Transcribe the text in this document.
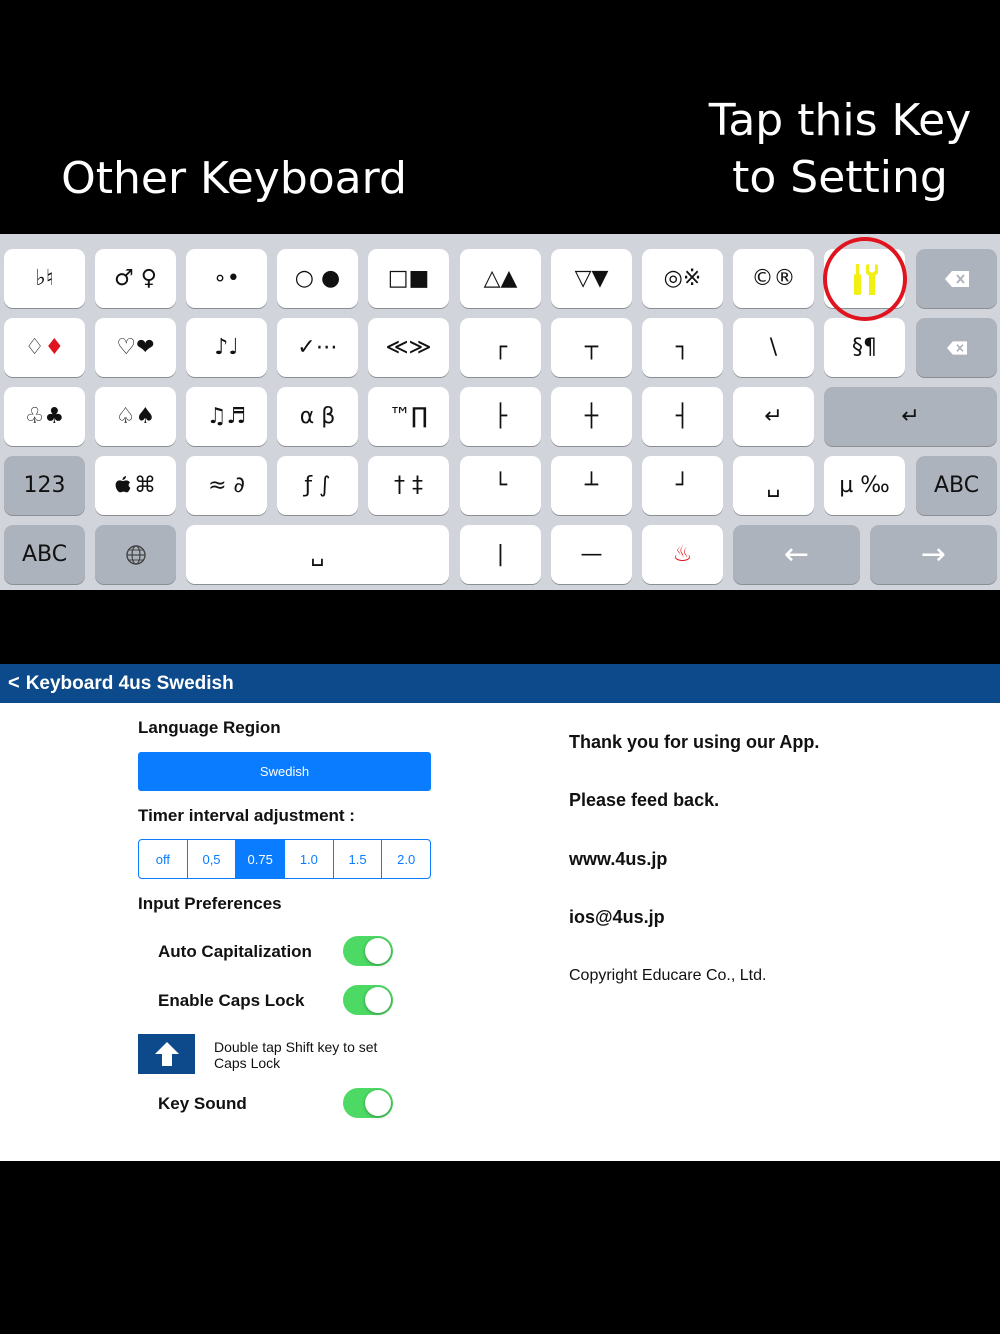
Other Keyboard
Tap this Key
to Setting
♭♮	♂ ♀	∘•	○ ●	□■	△▲	▽▼	◎※	©®
♢ ♦	♡❤	♪♩	✓⋯	≪≫	┌	┬	┐	\	§¶
♧♣	♤♠	♫♬	α β	™∏	├	┼	┤	↵	↵
123	⌘	≈ ∂	ƒ ∫	† ‡	└	┴	┘	␣	µ ‰	ABC
ABC	␣	|	—	♨	←	→
< Keyboard 4us Swedish
Language Region
Swedish
Timer interval adjustment :
off	0,5	0.75	1.0	1.5	2.0
Input Preferences
Auto Capitalization
Enable Caps Lock
Double tap Shift key to set Caps Lock
Key Sound
Thank you for using our App.
Please feed back.
www.4us.jp
ios@4us.jp
Copyright Educare Co., Ltd.
